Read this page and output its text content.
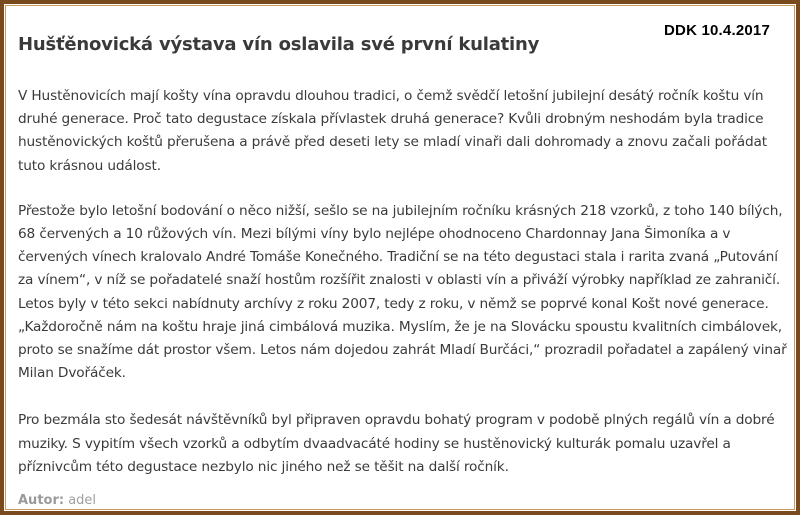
DDK 10.4.2017
Hušťěnovická výstava vín oslavila své první kulatiny

V Hustěnovicích mají košty vína opravdu dlouhou tradici, o čemž svědčí letošní jubilejní desátý ročník koštu vín druhé generace. Proč tato degustace získala přívlastek druhá generace? Kvůli drobným neshodám byla tradice hustěnovických koštů přerušena a právě před deseti lety se mladí vinaři dali dohromady a znovu začali pořádat tuto krásnou událost.

Přestože bylo letošní bodování o něco nižší, sešlo se na jubilejním ročníku krásných 218 vzorků, z toho 140 bílých, 68 červených a 10 růžových vín. Mezi bílými víny bylo nejlépe ohodnoceno Chardonnay Jana Šimoníka a v červených vínech kralovalo André Tomáše Konečného. Tradiční se na této degustaci stala i rarita zvaná „Putování za vínem“, v níž se pořadatelé snaží hostům rozšířit znalosti v oblasti vín a přiváží výrobky například ze zahraničí. Letos byly v této sekci nabídnuty archívy z roku 2007, tedy z roku, v němž se poprvé konal Košt nové generace. „Každoročně nám na koštu hraje jiná cimbálová muzika. Myslím, že je na Slovácku spoustu kvalitních cimbálovek, proto se snažíme dát prostor všem. Letos nám dojedou zahrát Mladí Burčáci,“ prozradil pořadatel a zapálený vinař Milan Dvořáček.

Pro bezmála sto šedesát návštěvníků byl připraven opravdu bohatý program v podobě plných regálů vín a dobré muziky. S vypitím všech vzorků a odbytím dvaadvacáté hodiny se hustěnovický kulturák pomalu uzavřel a příznivcům této degustace nezbylo nic jiného než se těšit na další ročník.

Autor: adel
